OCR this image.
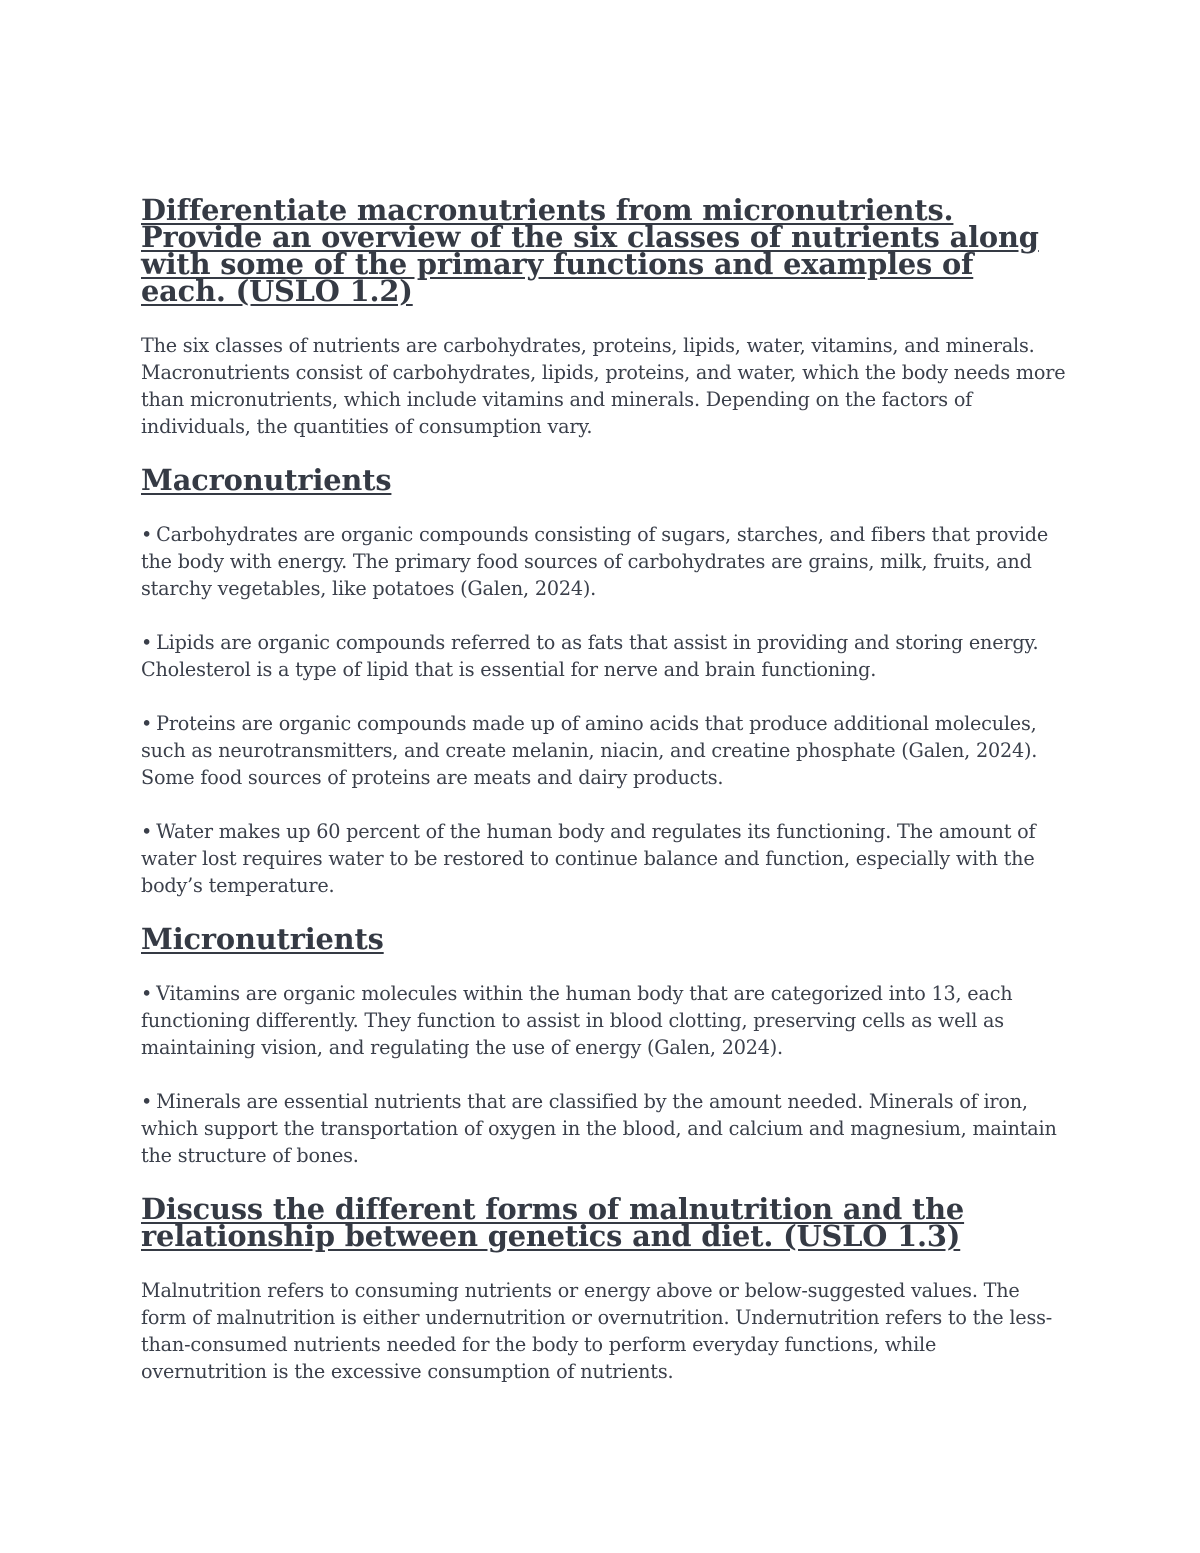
Differentiate macronutrients from micronutrients. Provide an overview of the six classes of nutrients along with some of the primary functions and examples of each. (USLO 1.2)

The six classes of nutrients are carbohydrates, proteins, lipids, water, vitamins, and minerals. Macronutrients consist of carbohydrates, lipids, proteins, and water, which the body needs more than micronutrients, which include vitamins and minerals. Depending on the factors of individuals, the quantities of consumption vary.

Macronutrients

• Carbohydrates are organic compounds consisting of sugars, starches, and fibers that provide the body with energy. The primary food sources of carbohydrates are grains, milk, fruits, and starchy vegetables, like potatoes (Galen, 2024).

• Lipids are organic compounds referred to as fats that assist in providing and storing energy. Cholesterol is a type of lipid that is essential for nerve and brain functioning.

• Proteins are organic compounds made up of amino acids that produce additional molecules, such as neurotransmitters, and create melanin, niacin, and creatine phosphate (Galen, 2024). Some food sources of proteins are meats and dairy products.

• Water makes up 60 percent of the human body and regulates its functioning. The amount of water lost requires water to be restored to continue balance and function, especially with the body’s temperature.

Micronutrients

• Vitamins are organic molecules within the human body that are categorized into 13, each functioning differently. They function to assist in blood clotting, preserving cells as well as maintaining vision, and regulating the use of energy (Galen, 2024).

• Minerals are essential nutrients that are classified by the amount needed. Minerals of iron, which support the transportation of oxygen in the blood, and calcium and magnesium, maintain the structure of bones.

Discuss the different forms of malnutrition and the relationship between genetics and diet. (USLO 1.3)

Malnutrition refers to consuming nutrients or energy above or below-suggested values. The form of malnutrition is either undernutrition or overnutrition. Undernutrition refers to the less-than-consumed nutrients needed for the body to perform everyday functions, while overnutrition is the excessive consumption of nutrients.
